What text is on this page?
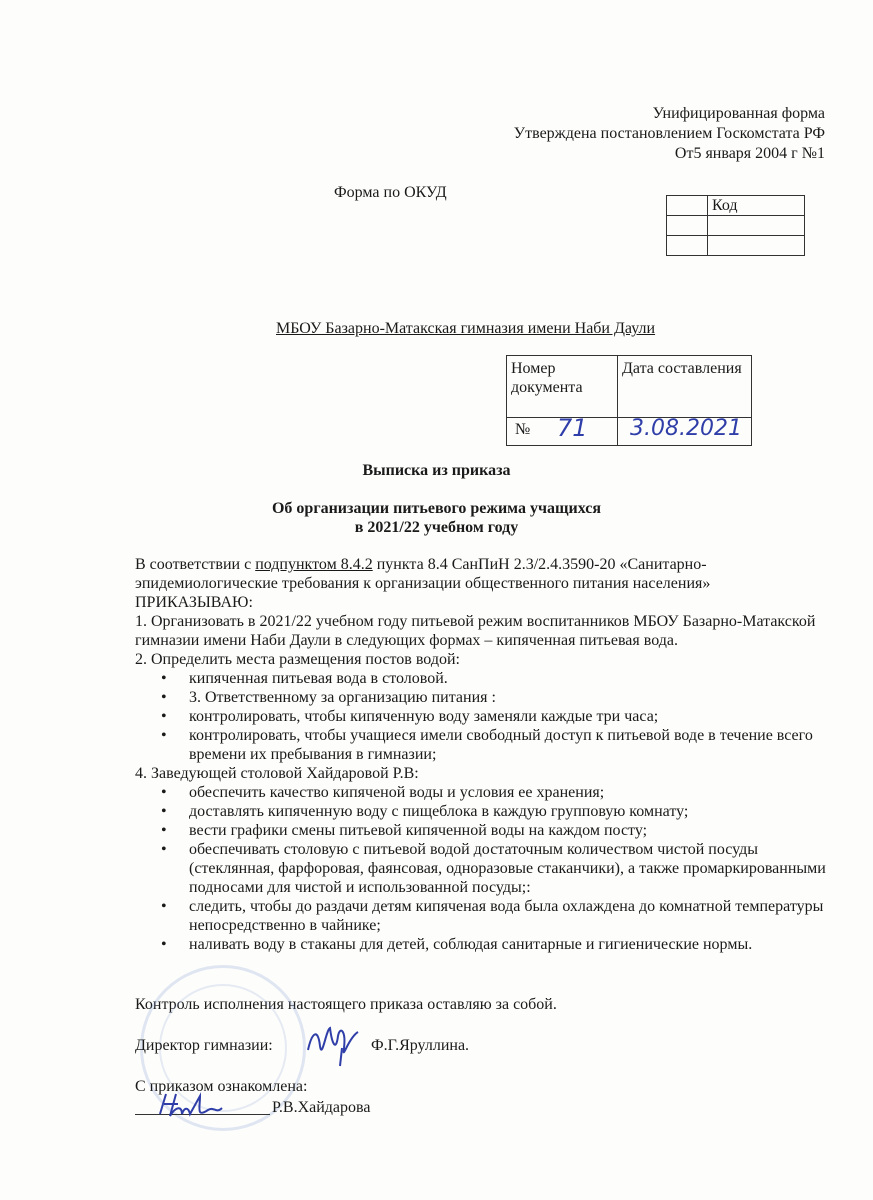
Унифицированная форма
Утверждена постановлением Госкомстата РФ
От5 января 2004 г №1
Форма по ОКУД
	Код

МБОУ Базарно-Матакская гимназия имени Наби Даули
Номер документа	Дата составления

№ 71	3.08.2021
Выписка из приказа
Об организации питьевого режима учащихся
в 2021/22 учебном году

В соответствии с подпунктом 8.4.2 пункта 8.4 СанПиН 2.3/2.4.3590-20 «Санитарно-эпидемиологические требования к организации общественного питания населения»

ПРИКАЗЫВАЮ:

1. Организовать в 2021/22 учебном году питьевой режим воспитанников МБОУ Базарно-Матакской гимназии имени Наби Даули в следующих формах – кипяченная питьевая вода.

2. Определить места размещения постов водой:

• кипяченная питьевая вода в столовой.
• 3. Ответственному за организацию питания :
• контролировать, чтобы кипяченную воду заменяли каждые три часа;
• контролировать, чтобы учащиеся имели свободный доступ к питьевой воде в течение всего времени их пребывания в гимназии;

4. Заведующей столовой Хайдаровой Р.В:

• обеспечить качество кипяченой воды и условия ее хранения;
• доставлять кипяченную воду с пищеблока в каждую групповую комнату;
• вести графики смены питьевой кипяченной воды на каждом посту;
• обеспечивать столовую с питьевой водой достаточным количеством чистой посуды (стеклянная, фарфоровая, фаянсовая, одноразовые стаканчики), а также промаркированными подносами для чистой и использованной посуды;:
• следить, чтобы до раздачи детям кипяченая вода была охлаждена до комнатной температуры непосредственно в чайнике;
• наливать воду в стаканы для детей, соблюдая санитарные и гигиенические нормы.
Контроль исполнения настоящего приказа оставляю за собой.
Директор гимназии:	Ф.Г.Яруллина.
С приказом ознакомлена:
Р.В.Хайдарова
